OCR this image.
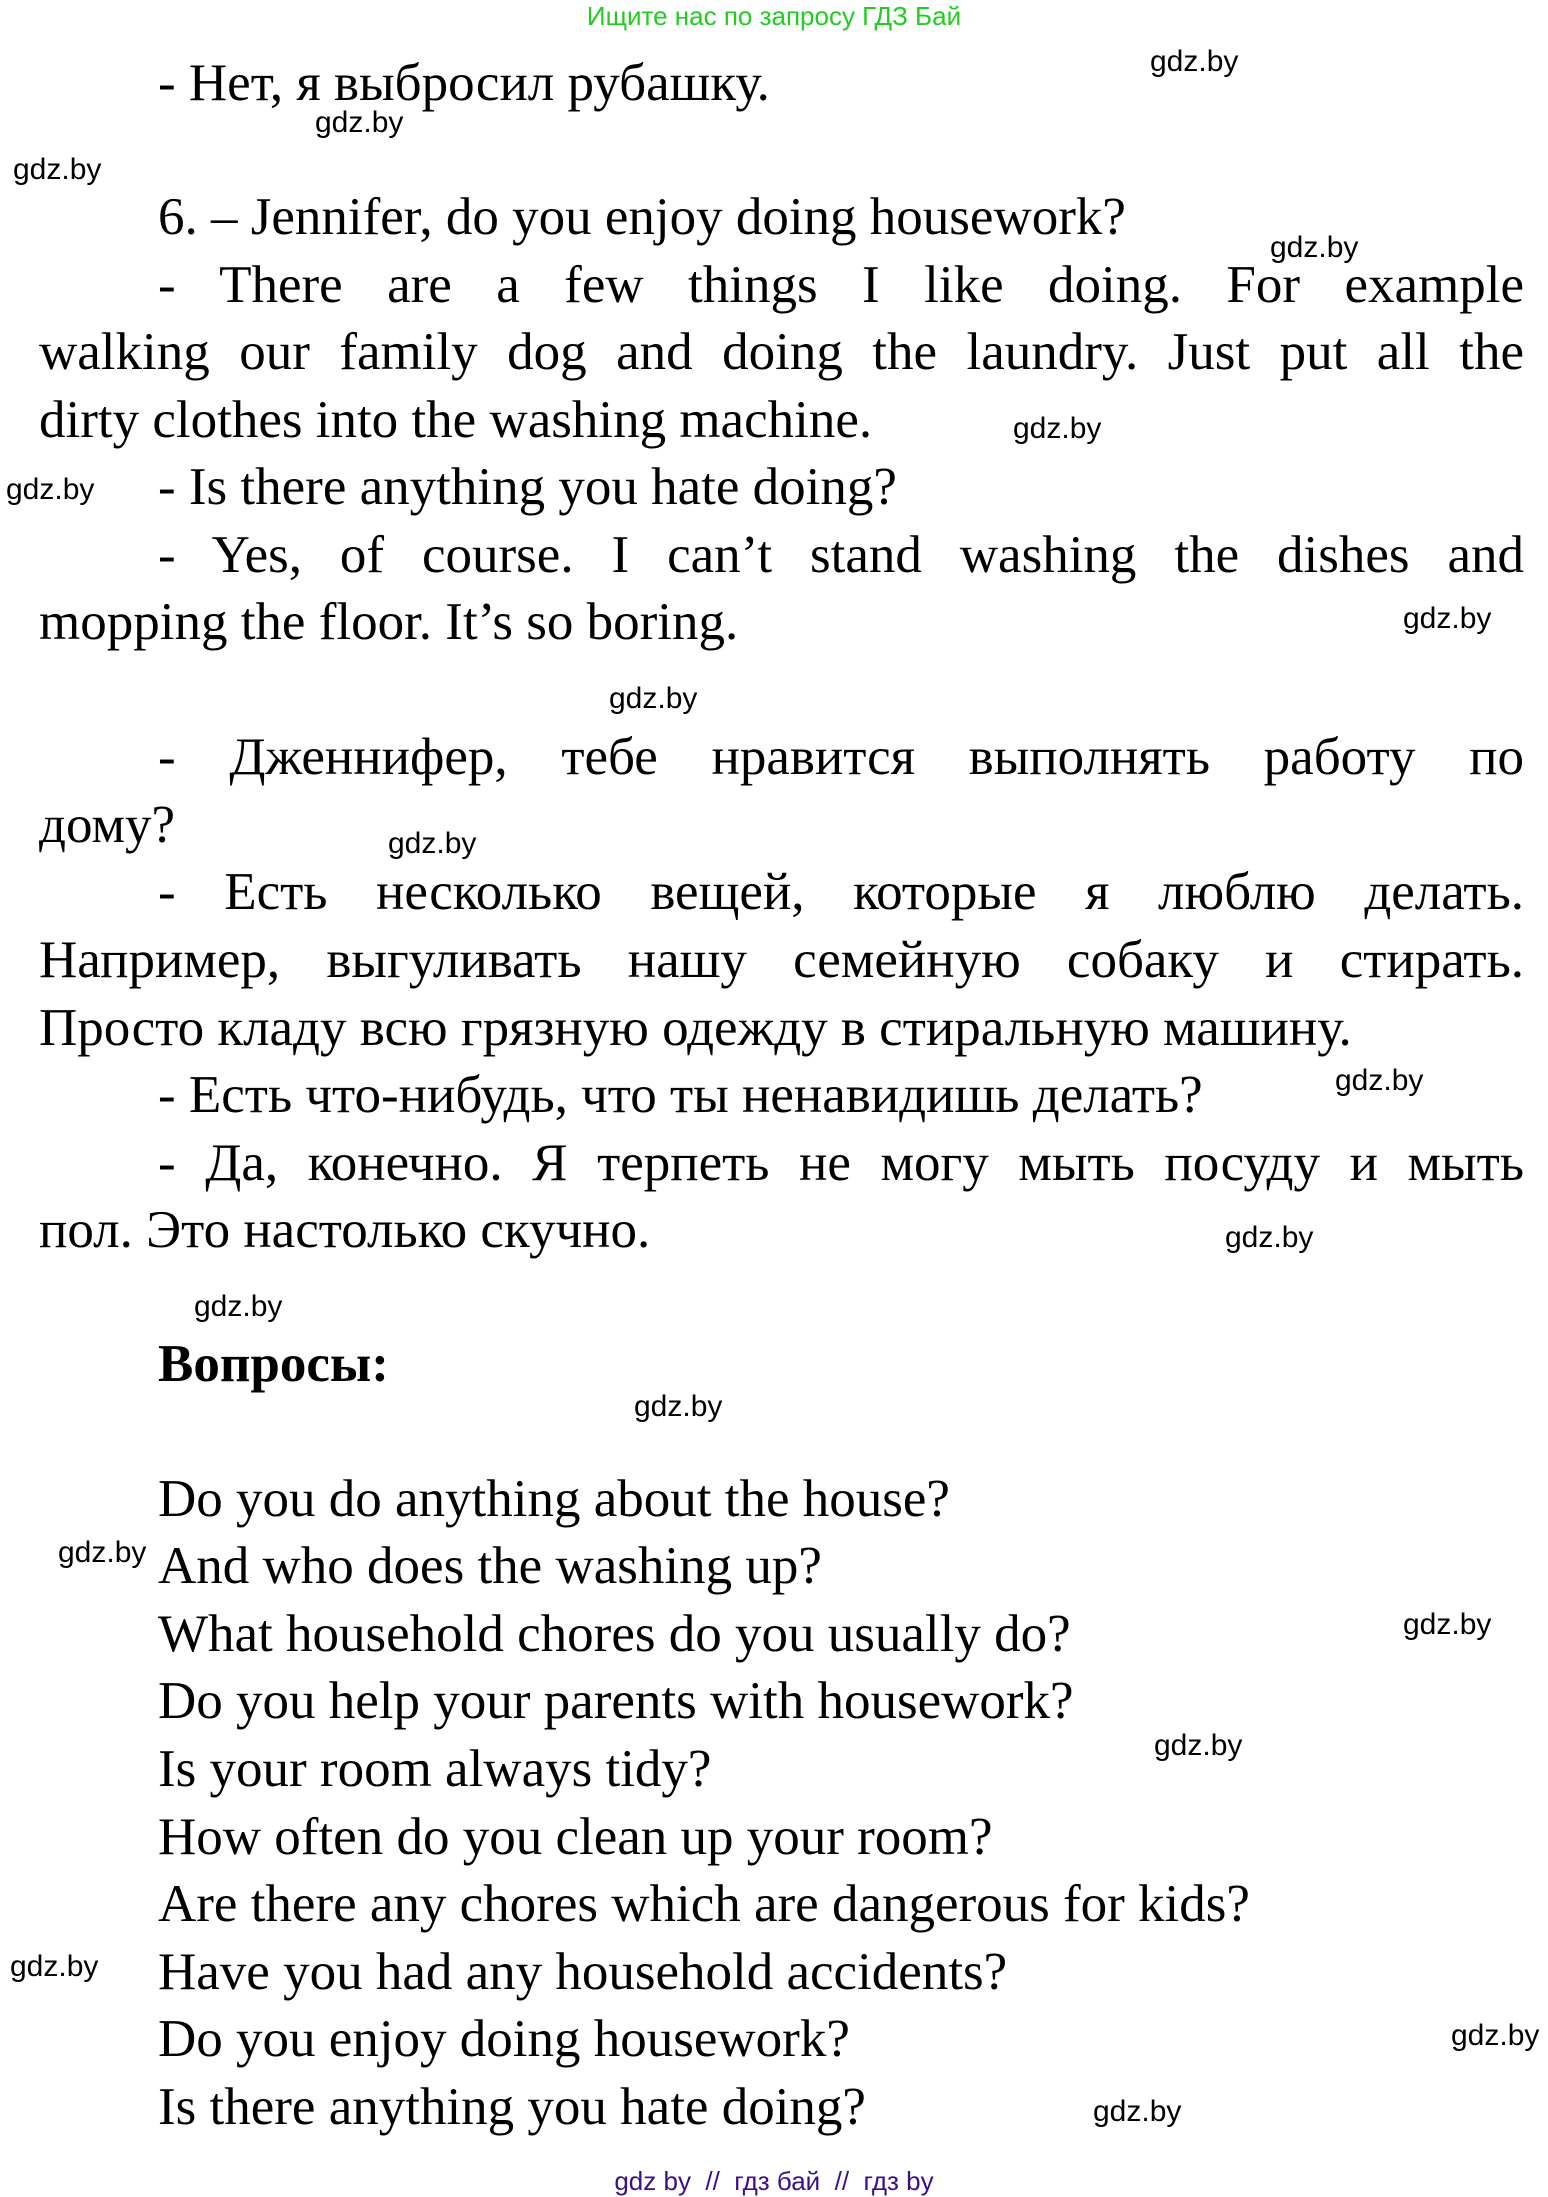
Ищите нас по запросу ГДЗ Бай
- Нет, я выбросил рубашку.
6. – Jennifer, do you enjoy doing housework?
- There are a few things I like doing. For example
walking our family dog and doing the laundry. Just put all the
dirty clothes into the washing machine.
- Is there anything you hate doing?
- Yes, of course. I can’t stand washing the dishes and
mopping the floor. It’s so boring.
- Дженнифер, тебе нравится выполнять работу по
дому?
- Есть несколько вещей, которые я люблю делать.
Например, выгуливать нашу семейную собаку и стирать.
Просто кладу всю грязную одежду в стиральную машину.
- Есть что-нибудь, что ты ненавидишь делать?
- Да, конечно. Я терпеть не могу мыть посуду и мыть
пол. Это настолько скучно.
Вопросы:
Do you do anything about the house?
And who does the washing up?
What household chores do you usually do?
Do you help your parents with housework?
Is your room always tidy?
How often do you clean up your room?
Are there any chores which are dangerous for kids?
Have you had any household accidents?
Do you enjoy doing housework?
Is there anything you hate doing?
gdz.by
gdz.by
gdz.by
gdz.by
gdz.by
gdz.by
gdz.by
gdz.by
gdz.by
gdz.by
gdz.by
gdz.by
gdz.by
gdz.by
gdz.by
gdz.by
gdz.by
gdz.by
gdz.by
gdz by  //  гдз бай  //  гдз by
